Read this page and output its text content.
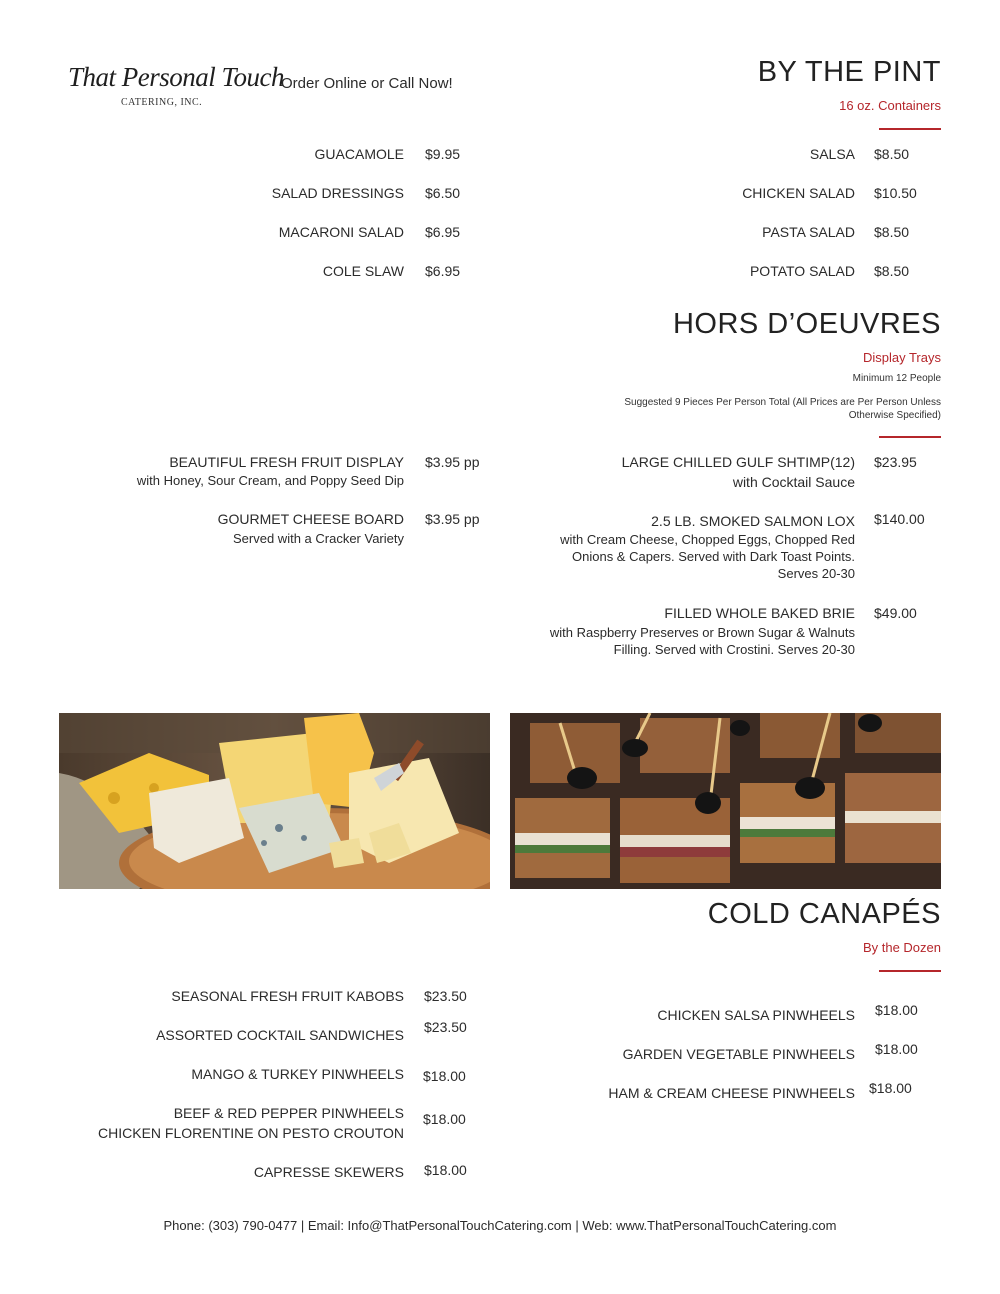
That Personal Touch
CATERING, INC.
Order Online or Call Now!	BY THE PINT
16 oz. Containers
GUACAMOLE $9.95
SALAD DRESSINGS $6.50
MACARONI SALAD $6.95
COLE SLAW $6.95
SALSA $8.50
CHICKEN SALAD $10.50
PASTA SALAD $8.50
POTATO SALAD $8.50
HORS D’OEUVRES
Display Trays
Minimum 12 People
Suggested 9 Pieces Per Person Total (All Prices are Per Person Unless Otherwise Specified)
BEAUTIFUL FRESH FRUIT DISPLAY
with Honey, Sour Cream, and Poppy Seed Dip
$3.95 pp
GOURMET CHEESE BOARD
Served with a Cracker Variety
$3.95 pp
LARGE CHILLED GULF SHTIMP(12)
with Cocktail Sauce
$23.95
2.5 LB. SMOKED SALMON LOX
with Cream Cheese, Chopped Eggs, Chopped Red Onions & Capers. Served with Dark Toast Points. Serves 20-30
$140.00
FILLED WHOLE BAKED BRIE
with Raspberry Preserves or Brown Sugar & Walnuts Filling. Served with Crostini. Serves 20-30
$49.00
COLD CANAPÉS
By the Dozen
SEASONAL FRESH FRUIT KABOBS $23.50
ASSORTED COCKTAIL SANDWICHES $23.50
MANGO & TURKEY PINWHEELS $18.00
BEEF & RED PEPPER PINWHEELS
CHICKEN FLORENTINE ON PESTO CROUTON
$18.00
CAPRESSE SKEWERS $18.00
CHICKEN SALSA PINWHEELS $18.00
GARDEN VEGETABLE PINWHEELS $18.00
HAM & CREAM CHEESE PINWHEELS $18.00
Phone: (303) 790-0477 | Email: Info@ThatPersonalTouchCatering.com | Web: www.ThatPersonalTouchCatering.com
